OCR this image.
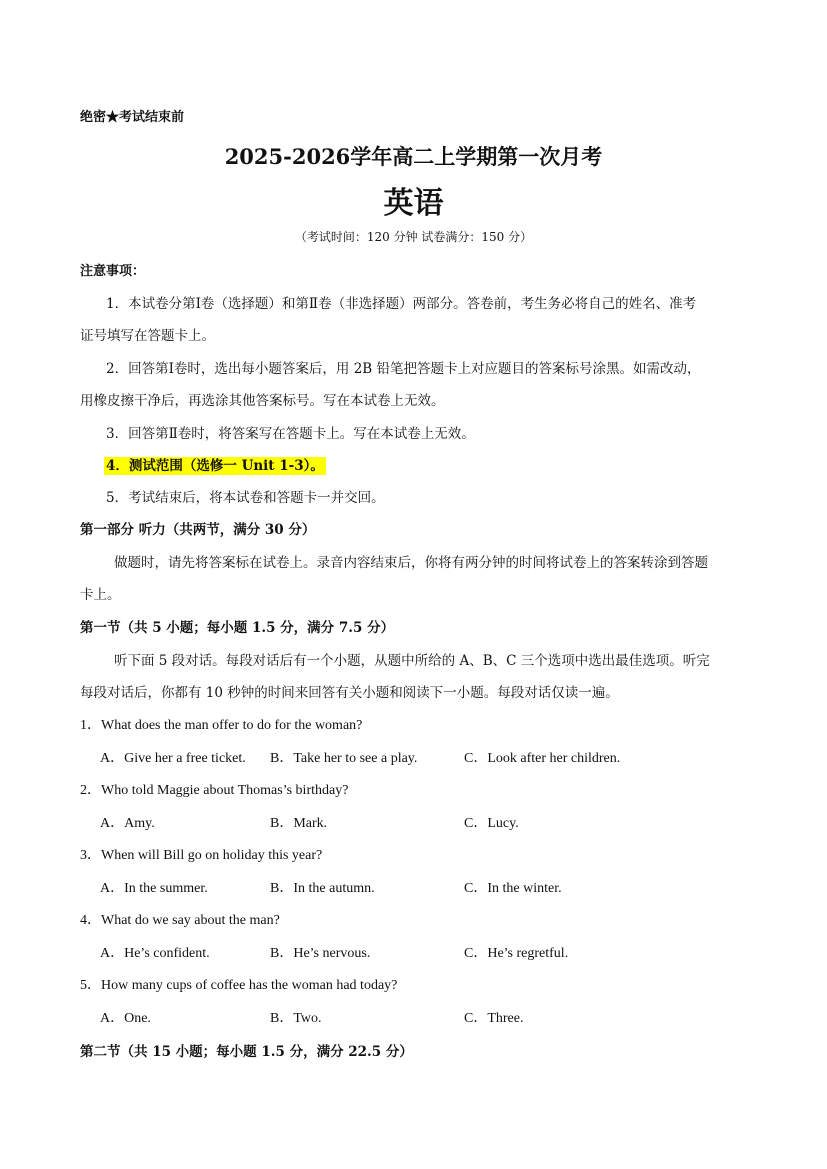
绝密★考试结束前
2025-2026学年高二上学期第一次月考
英语
（考试时间：120 分钟 试卷满分：150 分）
注意事项：
1．本试卷分第Ⅰ卷（选择题）和第Ⅱ卷（非选择题）两部分。答卷前，考生务必将自己的姓名、准考
证号填写在答题卡上。
2．回答第Ⅰ卷时，选出每小题答案后，用 2B 铅笔把答题卡上对应题目的答案标号涂黑。如需改动，
用橡皮擦干净后，再选涂其他答案标号。写在本试卷上无效。
3．回答第Ⅱ卷时，将答案写在答题卡上。写在本试卷上无效。
4．测试范围（选修一 Unit 1-3）。
5．考试结束后，将本试卷和答题卡一并交回。
第一部分 听力（共两节，满分 30 分）
做题时，请先将答案标在试卷上。录音内容结束后，你将有两分钟的时间将试卷上的答案转涂到答题
卡上。
第一节（共 5 小题；每小题 1.5 分，满分 7.5 分）
听下面 5 段对话。每段对话后有一个小题，从题中所给的 A、B、C 三个选项中选出最佳选项。听完
每段对话后，你都有 10 秒钟的时间来回答有关小题和阅读下一小题。每段对话仅读一遍。
1．What does the man offer to do for the woman?
A．Give her a free ticket. B．Take her to see a play.	C．Look after her children.
2．Who told Maggie about Thomas’s birthday?
A．Amy.	B．Mark.	C．Lucy.
3．When will Bill go on holiday this year?
A．In the summer.	B．In the autumn.	C．In the winter.
4．What do we say about the man?
A．He’s confident.	B．He’s nervous.	C．He’s regretful.
5．How many cups of coffee has the woman had today?
A．One.	B．Two.	C．Three.
第二节（共 15 小题；每小题 1.5 分，满分 22.5 分）
